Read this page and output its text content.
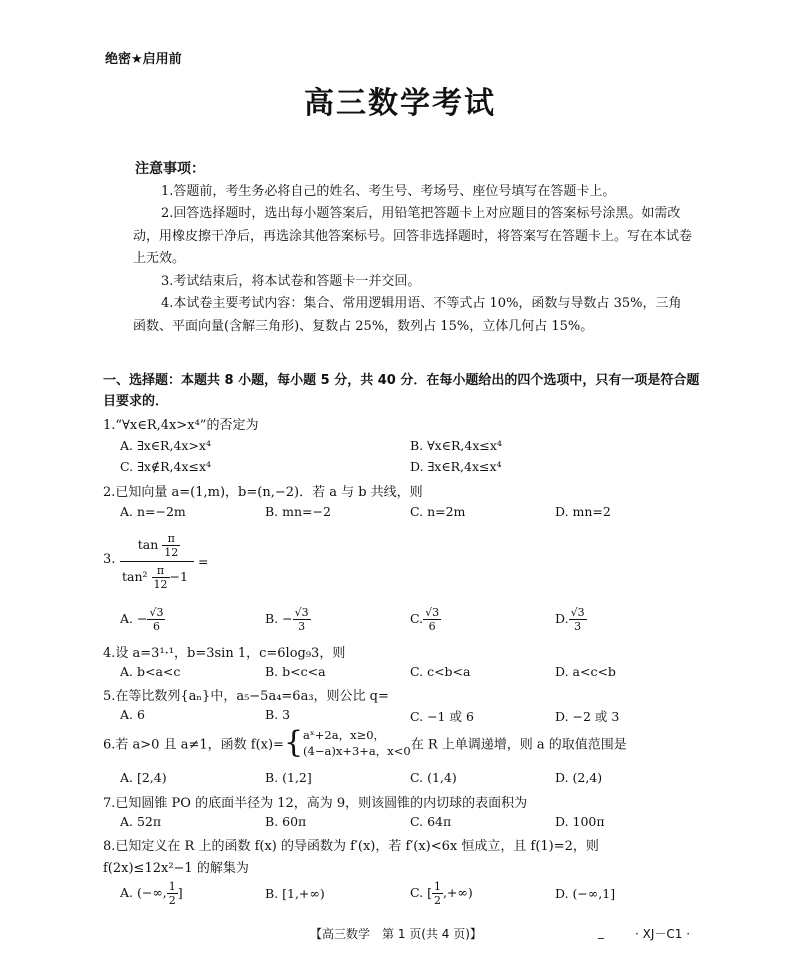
绝密★启用前
高三数学考试
注意事项：

1.答题前，考生务必将自己的姓名、考生号、考场号、座位号填写在答题卡上。

2.回答选择题时，选出每小题答案后，用铅笔把答题卡上对应题目的答案标号涂黑。如需改动，用橡皮擦干净后，再选涂其他答案标号。回答非选择题时，将答案写在答题卡上。写在本试卷上无效。

3.考试结束后，将本试卷和答题卡一并交回。

4.本试卷主要考试内容：集合、常用逻辑用语、不等式占 10%，函数与导数占 35%，三角函数、平面向量(含解三角形)、复数占 25%，数列占 15%，立体几何占 15%。

一、选择题：本题共 8 小题，每小题 5 分，共 40 分．在每小题给出的四个选项中，只有一项是符合题目要求的．
1.“∀x∈R,4x>x⁴”的否定为
A. ∃x∈R,4x>x⁴	B. ∀x∈R,4x≤x⁴
C. ∃x∉R,4x≤x⁴	D. ∃x∈R,4x≤x⁴
2.已知向量 a=(1,m)，b=(n,−2)．若 a 与 b 共线，则
A. n=−2m	B. mn=−2	C. n=2m	D. mn=2
3. $\frac{\tan \frac{\pi}{12}}{\tan^2 \frac{\pi}{12} -1}$ =
A. − $\frac{√3}{6}$	B. − $\frac{√3}{3}$	C. $\frac{√3}{6}$	D. $\frac{√3}{3}$
4.设 a=3¹·¹，b=3sin 1，c=6log₉3，则
A. b<a<c	B. b<c<a	C. c<b<a	D. a<c<b
5.在等比数列{aₙ}中，a₅−5a₄=6a₃，则公比 q=
A. 6	B. 3	C. −1 或 6	D. −2 或 3
6.若 a>0 且 a≠1，函数 f(x)={ aˣ+2a，x≥0，
(4−a)x+3+a，x<0 在 R 上单调递增，则 a 的取值范围是
A. [2,4)	B. (1,2]	C. (1,4)	D. (2,4)
7.已知圆锥 PO 的底面半径为 12，高为 9，则该圆锥的内切球的表面积为
A. 52π	B. 60π	C. 64π	D. 100π
8.已知定义在 R 上的函数 f(x) 的导函数为 f′(x)，若 f′(x)<6x 恒成立，且 f(1)=2，则
f(2x)≤12x²−1 的解集为
A. (−∞, $\frac{1}{2}$ ]	B. [1,+∞)	C. [ $\frac{1}{2}$ ,+∞)	D. (−∞,1]
【高三数学　第 1 页(共 4 页)】	_	· XJ－C1 ·
